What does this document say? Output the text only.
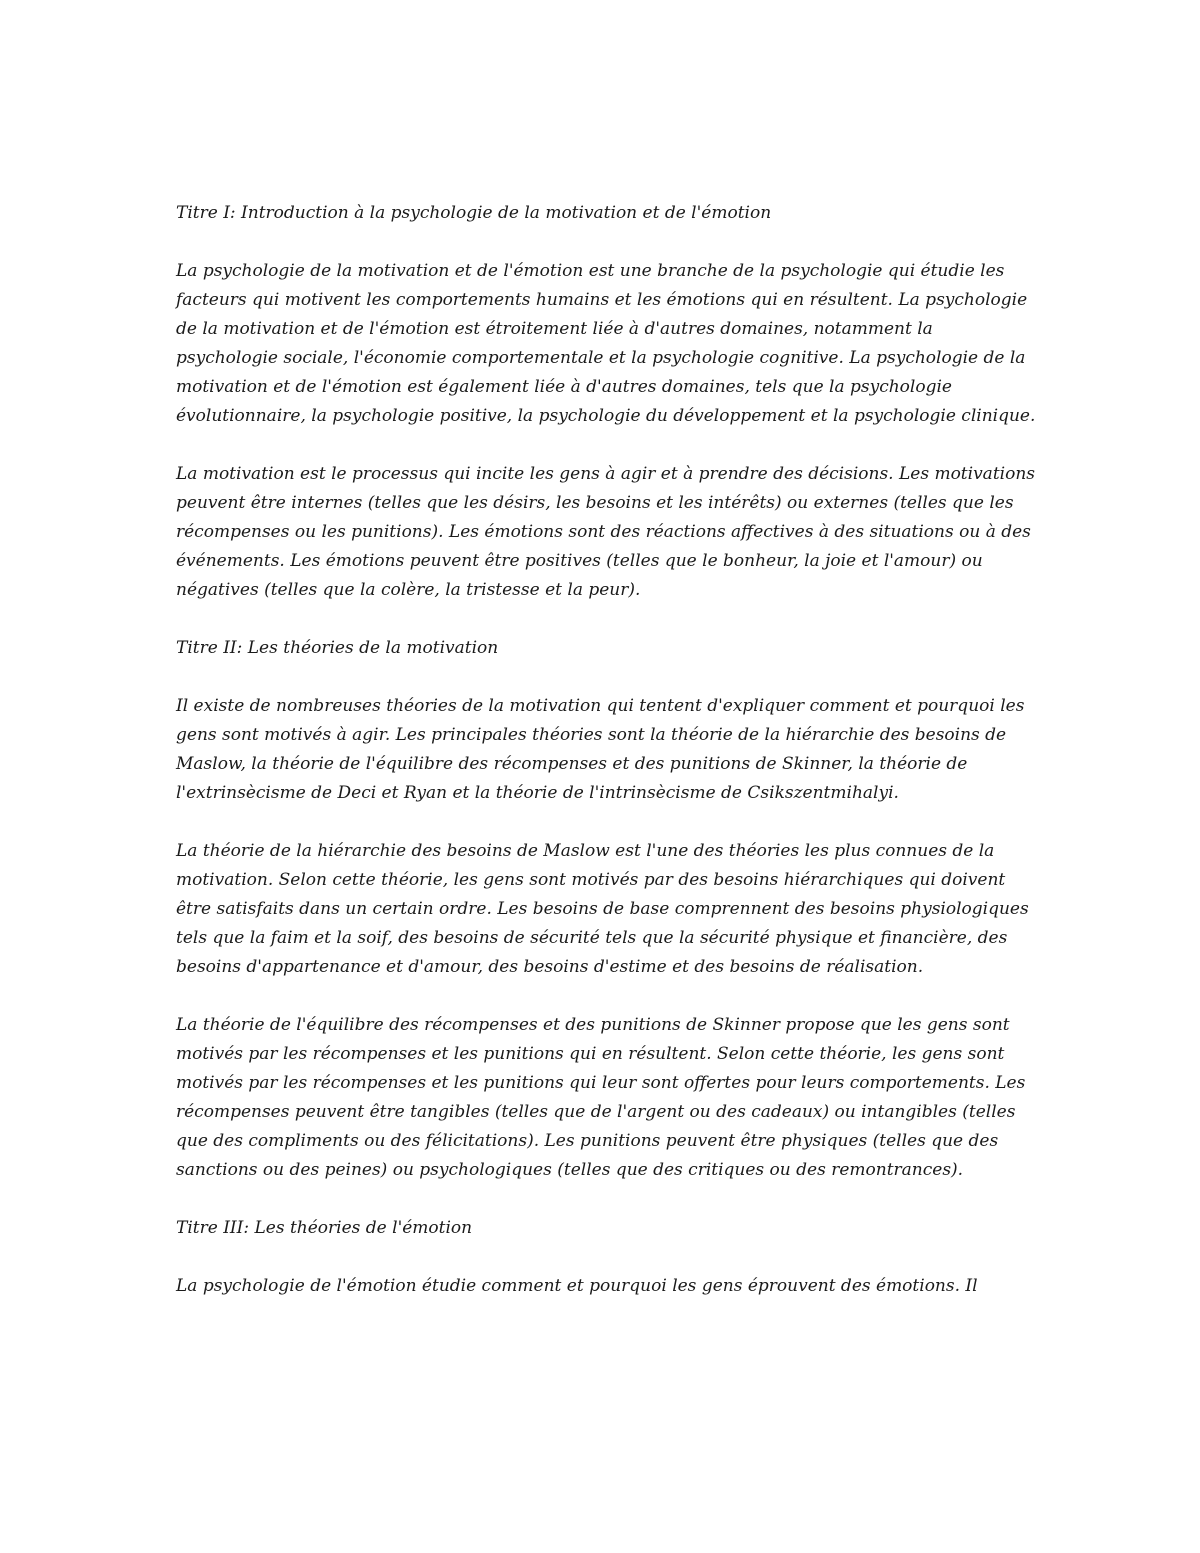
Titre I: Introduction à la psychologie de la motivation et de l'émotion

La psychologie de la motivation et de l'émotion est une branche de la psychologie qui étudie les facteurs qui motivent les comportements humains et les émotions qui en résultent. La psychologie de la motivation et de l'émotion est étroitement liée à d'autres domaines, notamment la psychologie sociale, l'économie comportementale et la psychologie cognitive. La psychologie de la motivation et de l'émotion est également liée à d'autres domaines, tels que la psychologie évolutionnaire, la psychologie positive, la psychologie du développement et la psychologie clinique.

La motivation est le processus qui incite les gens à agir et à prendre des décisions. Les motivations peuvent être internes (telles que les désirs, les besoins et les intérêts) ou externes (telles que les récompenses ou les punitions). Les émotions sont des réactions affectives à des situations ou à des événements. Les émotions peuvent être positives (telles que le bonheur, la joie et l'amour) ou négatives (telles que la colère, la tristesse et la peur).

Titre II: Les théories de la motivation

Il existe de nombreuses théories de la motivation qui tentent d'expliquer comment et pourquoi les gens sont motivés à agir. Les principales théories sont la théorie de la hiérarchie des besoins de Maslow, la théorie de l'équilibre des récompenses et des punitions de Skinner, la théorie de l'extrinsècisme de Deci et Ryan et la théorie de l'intrinsècisme de Csikszentmihalyi.

La théorie de la hiérarchie des besoins de Maslow est l'une des théories les plus connues de la motivation. Selon cette théorie, les gens sont motivés par des besoins hiérarchiques qui doivent être satisfaits dans un certain ordre. Les besoins de base comprennent des besoins physiologiques tels que la faim et la soif, des besoins de sécurité tels que la sécurité physique et financière, des besoins d'appartenance et d'amour, des besoins d'estime et des besoins de réalisation.

La théorie de l'équilibre des récompenses et des punitions de Skinner propose que les gens sont motivés par les récompenses et les punitions qui en résultent. Selon cette théorie, les gens sont motivés par les récompenses et les punitions qui leur sont offertes pour leurs comportements. Les récompenses peuvent être tangibles (telles que de l'argent ou des cadeaux) ou intangibles (telles que des compliments ou des félicitations). Les punitions peuvent être physiques (telles que des sanctions ou des peines) ou psychologiques (telles que des critiques ou des remontrances).

Titre III: Les théories de l'émotion

La psychologie de l'émotion étudie comment et pourquoi les gens éprouvent des émotions. Il
